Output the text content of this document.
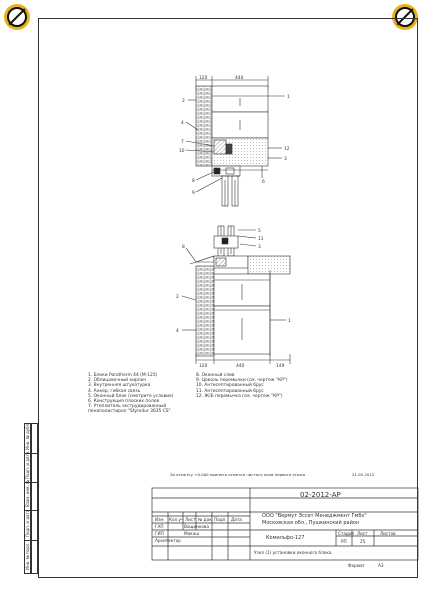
Инв. № подл.
Подп. и дата
Взам. инв. №
Подп. и дата
Инв. № дубл.
120	440
1
2
4
7
10
8
9
12
3
6
5
11
3
8
2
1
4
120	440	149
1. Блоки Porotherm 44 (М-125)
2. Облицовочный кирпич
3. Внутренняя штукатурка
4. Анкер, гибкая связь
5. Оконный блок (смотрите условие)
6. Конструкция плоских полов
7. Утеплитель экструдированный пенополистирол "Styrodur 3035 CS"
8. Оконный слив
9. Цоколь перемычки (см. чертеж "КР")
10. Антисептированный брус
11. Антисептированный брус
12. Ж/Б перемычка (см. чертеж "КР")
За отметку +0.000 принята отметка чистого пола первого этажа	21.05.2012
02-2012-АР
ООО "Вермут Эссет Менеджмент Гмбх"
Московская обл., Пушкинский район
Комильфо-127
Узел (1) установки оконного блока
Стадия Лист	Листов
РП	25
Изм Кол.уч Лист № док. Подп. Дата
ГАП
ГИП
Архитектор
Вощинкова
Макаш
Формат	А3
